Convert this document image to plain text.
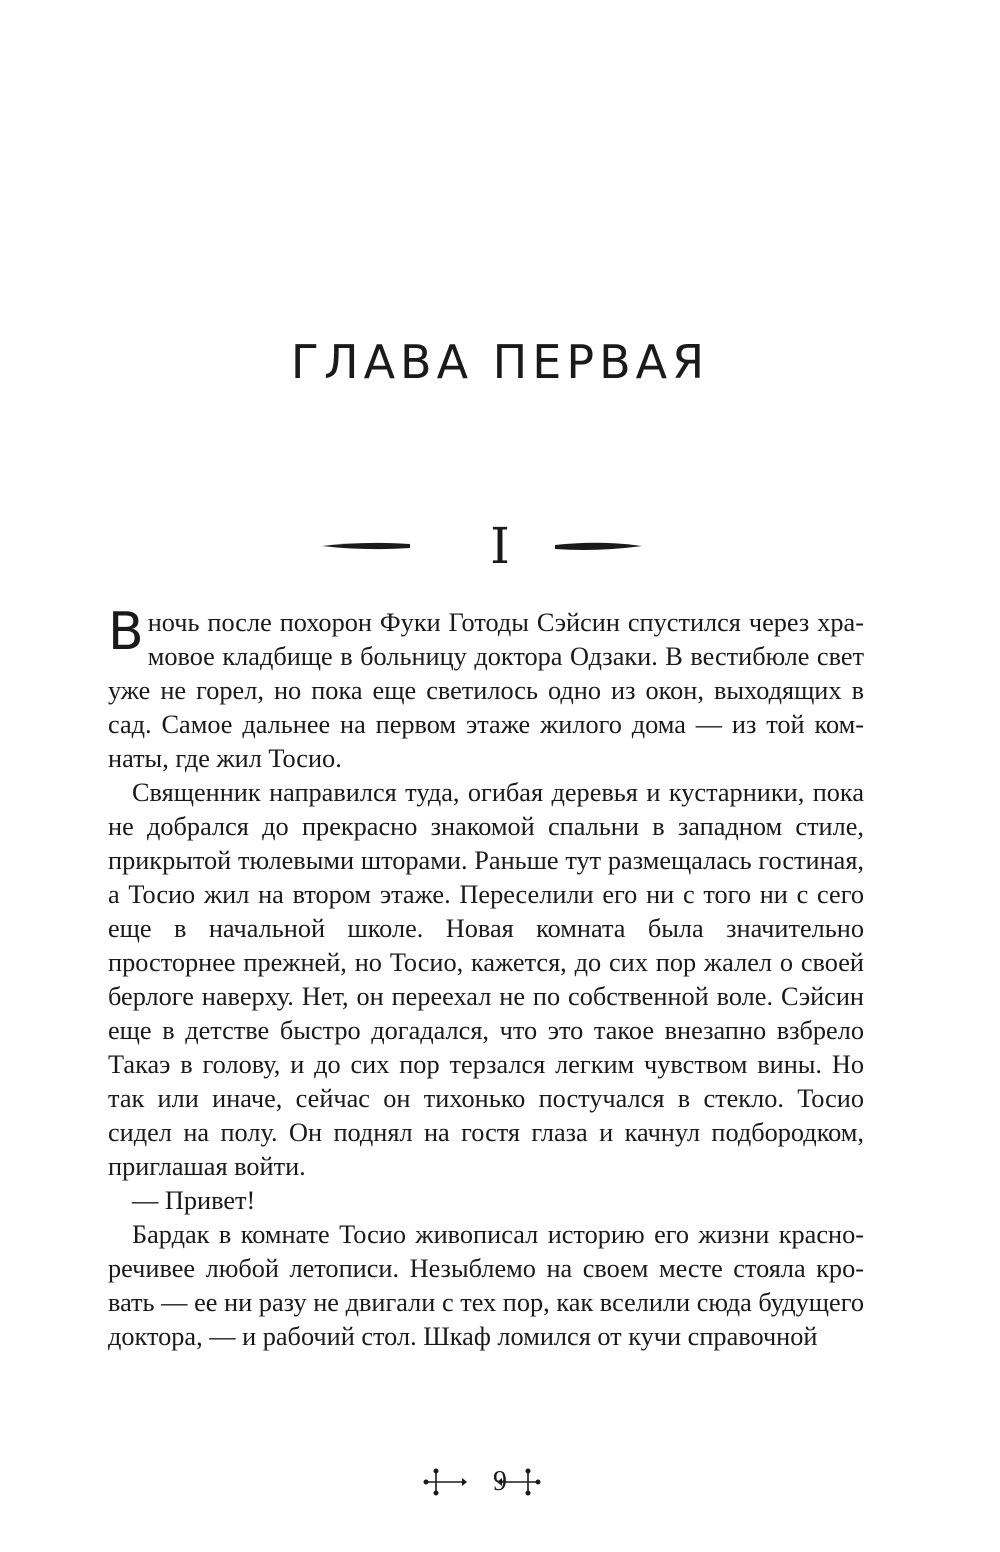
ГЛАВА ПЕРВАЯ
I

В ночь после похорон Фуки Готоды Сэйсин спустился через храмовое кладбище в больницу доктора Одзаки. В вестибюле свет уже не горел, но пока еще светилось одно из окон, выходящих в сад. Самое дальнее на первом этаже жилого дома — из той комнаты, где жил Тосио.

Священник направился туда, огибая деревья и кустарники, пока не добрался до прекрасно знакомой спальни в западном стиле, прикрытой тюлевыми шторами. Раньше тут размещалась гостиная, а Тосио жил на втором этаже. Переселили его ни с того ни с сего еще в начальной школе. Новая комната была значительно просторнее прежней, но Тосио, кажется, до сих пор жалел о своей берлоге наверху. Нет, он переехал не по собственной воле. Сэйсин еще в детстве быстро догадался, что это такое внезапно взбрело Такаэ в голову, и до сих пор терзался легким чувством вины. Но так или иначе, сейчас он тихонько постучался в стекло. Тосио сидел на полу. Он поднял на гостя глаза и качнул подбородком, приглашая войти.

— Привет!

Бардак в комнате Тосио живописал историю его жизни красноречивее любой летописи. Незыблемо на своем месте стояла кровать — ее ни разу не двигали с тех пор, как вселили сюда будущего доктора, — и рабочий стол. Шкаф ломился от кучи справочной

9
